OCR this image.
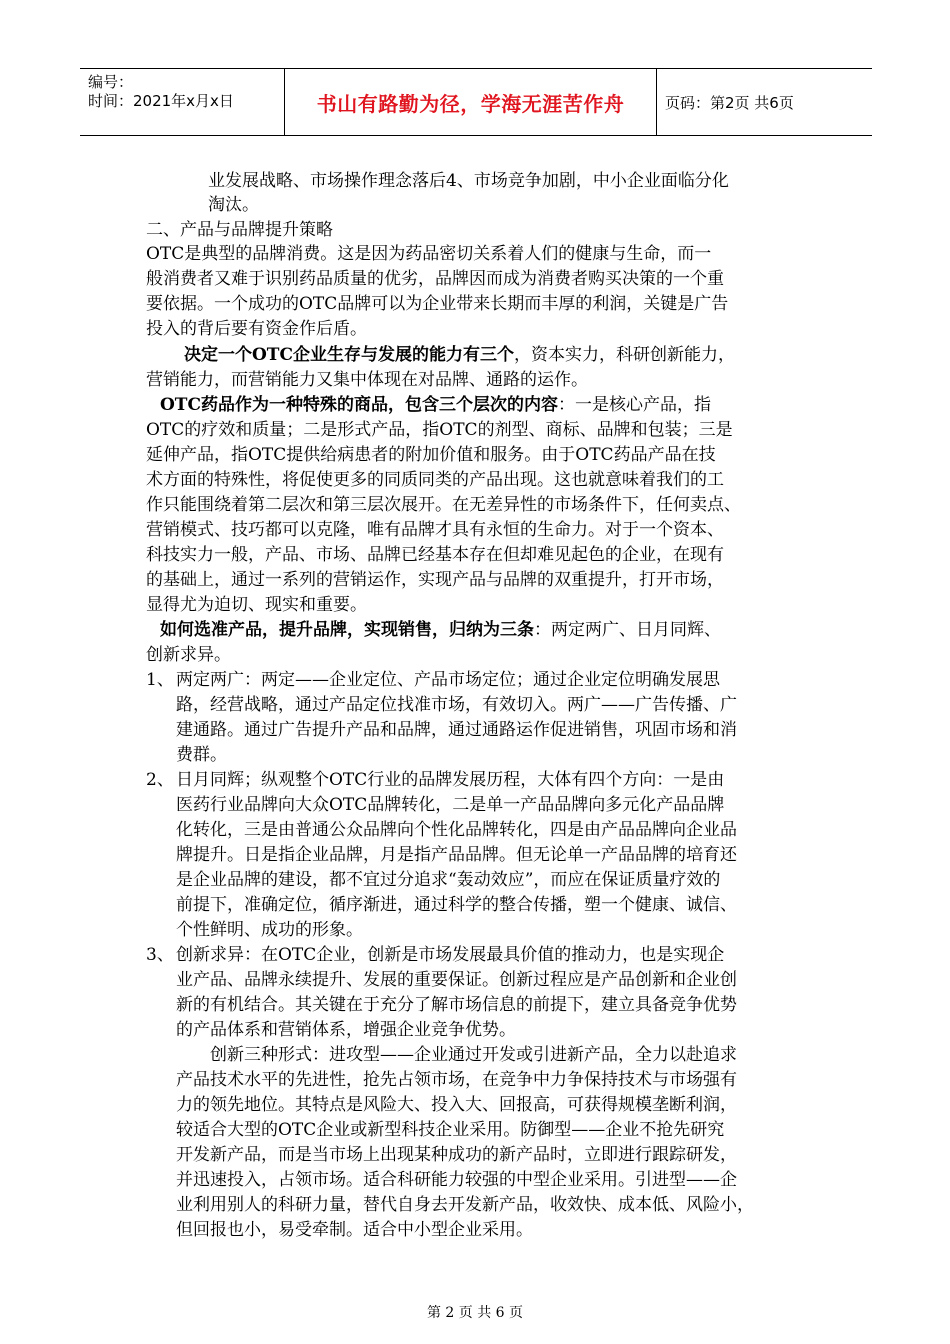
编号：
时间：2021年x月x日	书山有路勤为径，学海无涯苦作舟	页码：第2页 共6页
业发展战略、市场操作理念落后4、市场竞争加剧，中小企业面临分化
淘汰。
二、产品与品牌提升策略
OTC是典型的品牌消费。这是因为药品密切关系着人们的健康与生命，而一
般消费者又难于识别药品质量的优劣，品牌因而成为消费者购买决策的一个重
要依据。一个成功的OTC品牌可以为企业带来长期而丰厚的利润，关键是广告
投入的背后要有资金作后盾。
决定一个OTC企业生存与发展的能力有三个，资本实力，科研创新能力，
营销能力，而营销能力又集中体现在对品牌、通路的运作。
OTC药品作为一种特殊的商品，包含三个层次的内容：一是核心产品，指
OTC的疗效和质量；二是形式产品，指OTC的剂型、商标、品牌和包装；三是
延伸产品，指OTC提供给病患者的附加价值和服务。由于OTC药品产品在技
术方面的特殊性，将促使更多的同质同类的产品出现。这也就意味着我们的工
作只能围绕着第二层次和第三层次展开。在无差异性的市场条件下，任何卖点、
营销模式、技巧都可以克隆，唯有品牌才具有永恒的生命力。对于一个资本、
科技实力一般，产品、市场、品牌已经基本存在但却难见起色的企业，在现有
的基础上，通过一系列的营销运作，实现产品与品牌的双重提升，打开市场，
显得尤为迫切、现实和重要。
如何选准产品，提升品牌，实现销售，归纳为三条：两定两广、日月同辉、
创新求异。
1、 两定两广：两定——企业定位、产品市场定位；通过企业定位明确发展思
路，经营战略，通过产品定位找准市场，有效切入。两广——广告传播、广
建通路。通过广告提升产品和品牌，通过通路运作促进销售，巩固市场和消
费群。
2、 日月同辉；纵观整个OTC行业的品牌发展历程，大体有四个方向：一是由
医药行业品牌向大众OTC品牌转化，二是单一产品品牌向多元化产品品牌
化转化，三是由普通公众品牌向个性化品牌转化，四是由产品品牌向企业品
牌提升。日是指企业品牌，月是指产品品牌。但无论单一产品品牌的培育还
是企业品牌的建设，都不宜过分追求“轰动效应”，而应在保证质量疗效的
前提下，准确定位，循序渐进，通过科学的整合传播，塑一个健康、诚信、
个性鲜明、成功的形象。
3、 创新求异：在OTC企业，创新是市场发展最具价值的推动力，也是实现企
业产品、品牌永续提升、发展的重要保证。创新过程应是产品创新和企业创
新的有机结合。其关键在于充分了解市场信息的前提下，建立具备竞争优势
的产品体系和营销体系，增强企业竞争优势。
创新三种形式：进攻型——企业通过开发或引进新产品，全力以赴追求
产品技术水平的先进性，抢先占领市场，在竞争中力争保持技术与市场强有
力的领先地位。其特点是风险大、投入大、回报高，可获得规模垄断利润，
较适合大型的OTC企业或新型科技企业采用。防御型——企业不抢先研究
开发新产品，而是当市场上出现某种成功的新产品时，立即进行跟踪研发，
并迅速投入，占领市场。适合科研能力较强的中型企业采用。引进型——企
业利用别人的科研力量，替代自身去开发新产品，收效快、成本低、风险小，
但回报也小，易受牵制。适合中小型企业采用。
第 2 页 共 6 页
